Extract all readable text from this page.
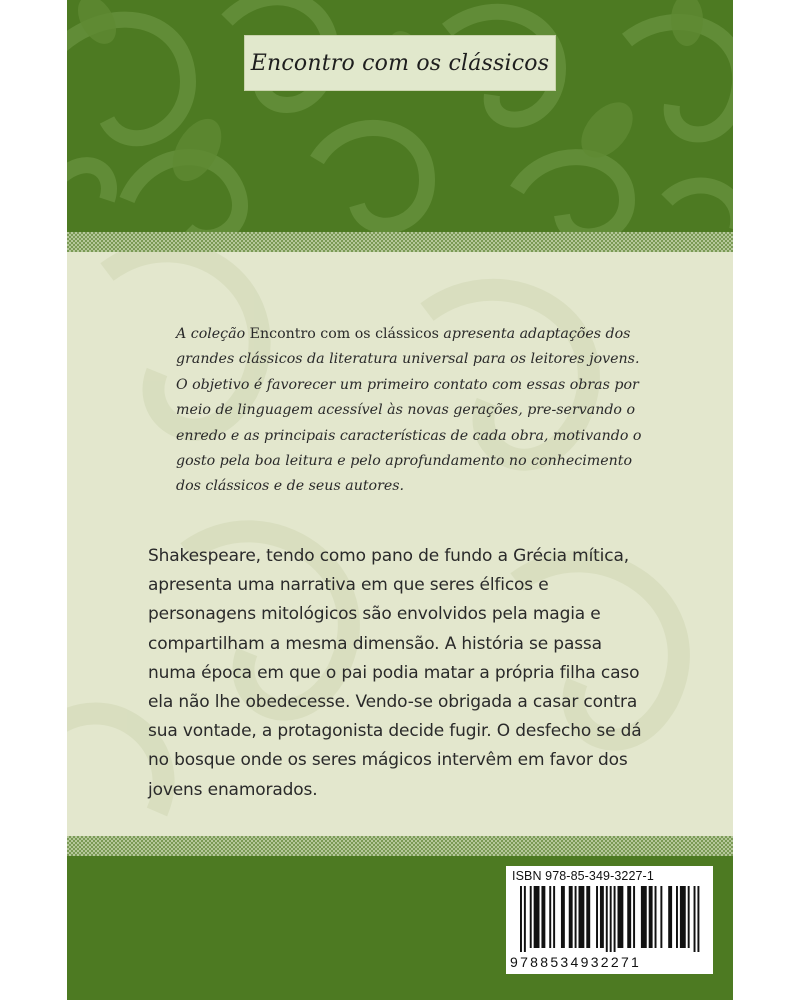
Encontro com os clássicos

A coleção Encontro com os clássicos apresenta adaptações dos grandes clássicos da literatura universal para os leitores jovens. O objetivo é favorecer um primeiro contato com essas obras por meio de linguagem acessível às novas gerações, pre-servando o enredo e as principais características de cada obra, motivando o gosto pela boa leitura e pelo aprofundamento no conhecimento dos clássicos e de seus autores.

Shakespeare, tendo como pano de fundo a Grécia mítica, apresenta uma narrativa em que seres élficos e personagens mitológicos são envolvidos pela magia e compartilham a mesma dimensão. A história se passa numa época em que o pai podia matar a própria filha caso ela não lhe obedecesse. Vendo-se obrigada a casar contra sua vontade, a protagonista decide fugir. O desfecho se dá no bosque onde os seres mágicos intervêm em favor dos jovens enamorados.

ISBN 978-85-349-3227-1
9788534932271
